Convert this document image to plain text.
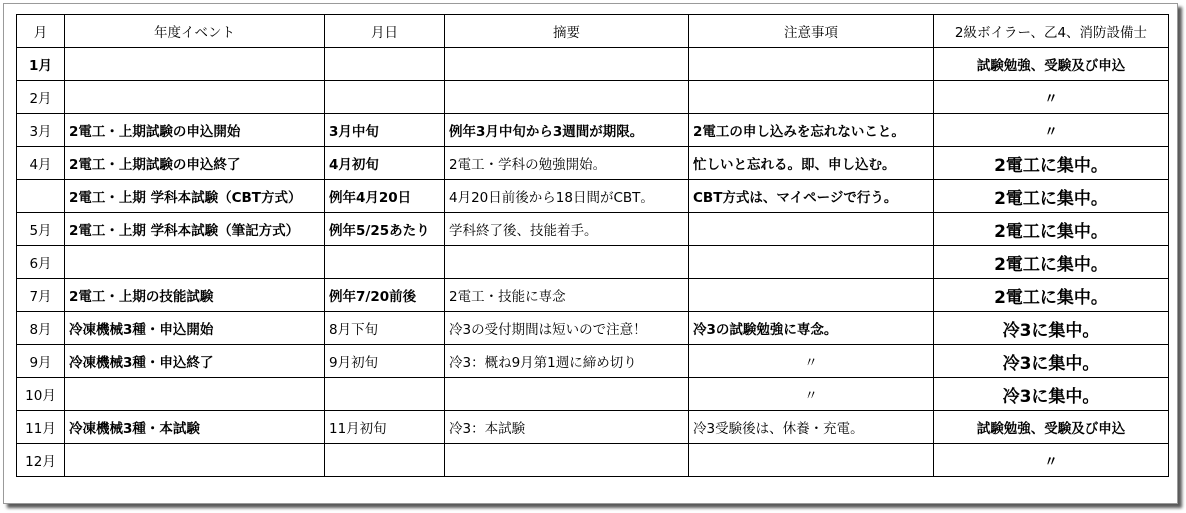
月	年度イベント	月日	摘要	注意事項	2級ボイラー、乙4、消防設備士
1月					試験勉強、受験及び申込
2月					〃
3月	2電工・上期試験の申込開始	3月中旬	例年3月中旬から3週間が期限。	2電工の申し込みを忘れないこと。	〃
4月	2電工・上期試験の申込終了	4月初旬	2電工・学科の勉強開始。	忙しいと忘れる。即、申し込む。	2電工に集中。
	2電工・上期 学科本試験（CBT方式）	例年4月20日	4月20日前後から18日間がCBT。	CBT方式は、マイページで行う。	2電工に集中。
5月	2電工・上期 学科本試験（筆記方式）	例年5/25あたり	学科終了後、技能着手。		2電工に集中。
6月					2電工に集中。
7月	2電工・上期の技能試験	例年7/20前後	2電工・技能に専念		2電工に集中。
8月	冷凍機械3種・申込開始	8月下旬	冷3の受付期間は短いので注意！	冷3の試験勉強に専念。	冷3に集中。
9月	冷凍機械3種・申込終了	9月初旬	冷3：概ね9月第1週に締め切り	〃	冷3に集中。
10月				〃	冷3に集中。
11月	冷凍機械3種・本試験	11月初旬	冷3：本試験	冷3受験後は、休養・充電。	試験勉強、受験及び申込
12月					〃
